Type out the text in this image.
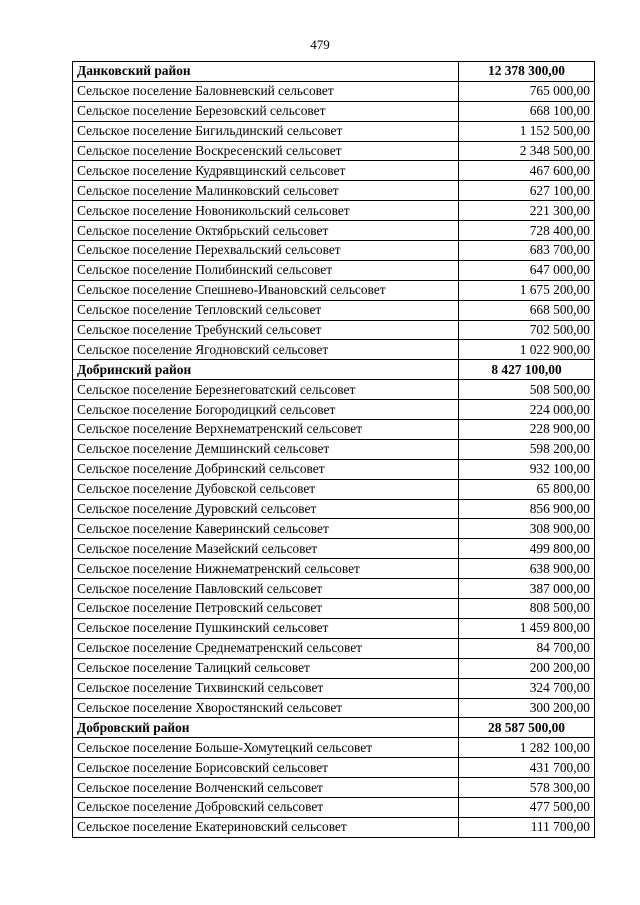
479
Данковский район	12 378 300,00
Сельское поселение Баловневский сельсовет	765 000,00
Сельское поселение Березовский сельсовет	668 100,00
Сельское поселение Бигильдинский сельсовет	1 152 500,00
Сельское поселение Воскресенский сельсовет	2 348 500,00
Сельское поселение Кудрявщинский сельсовет	467 600,00
Сельское поселение Малинковский сельсовет	627 100,00
Сельское поселение Новоникольский сельсовет	221 300,00
Сельское поселение Октябрьский сельсовет	728 400,00
Сельское поселение Перехвальский сельсовет	683 700,00
Сельское поселение Полибинский сельсовет	647 000,00
Сельское поселение Спешнево-Ивановский сельсовет	1 675 200,00
Сельское поселение Тепловский сельсовет	668 500,00
Сельское поселение Требунский сельсовет	702 500,00
Сельское поселение Ягодновский сельсовет	1 022 900,00
Добринский район	8 427 100,00
Сельское поселение Березнеговатский сельсовет	508 500,00
Сельское поселение Богородицкий сельсовет	224 000,00
Сельское поселение Верхнематренский сельсовет	228 900,00
Сельское поселение Демшинский сельсовет	598 200,00
Сельское поселение Добринский сельсовет	932 100,00
Сельское поселение Дубовской сельсовет	65 800,00
Сельское поселение Дуровский сельсовет	856 900,00
Сельское поселение Каверинский сельсовет	308 900,00
Сельское поселение Мазейский сельсовет	499 800,00
Сельское поселение Нижнематренский сельсовет	638 900,00
Сельское поселение Павловский сельсовет	387 000,00
Сельское поселение Петровский сельсовет	808 500,00
Сельское поселение Пушкинский сельсовет	1 459 800,00
Сельское поселение Среднематренский сельсовет	84 700,00
Сельское поселение Талицкий сельсовет	200 200,00
Сельское поселение Тихвинский сельсовет	324 700,00
Сельское поселение Хворостянский сельсовет	300 200,00
Добровский район	28 587 500,00
Сельское поселение Больше-Хомутецкий сельсовет	1 282 100,00
Сельское поселение Борисовский сельсовет	431 700,00
Сельское поселение Волченский сельсовет	578 300,00
Сельское поселение Добровский сельсовет	477 500,00
Сельское поселение Екатериновский сельсовет	111 700,00
